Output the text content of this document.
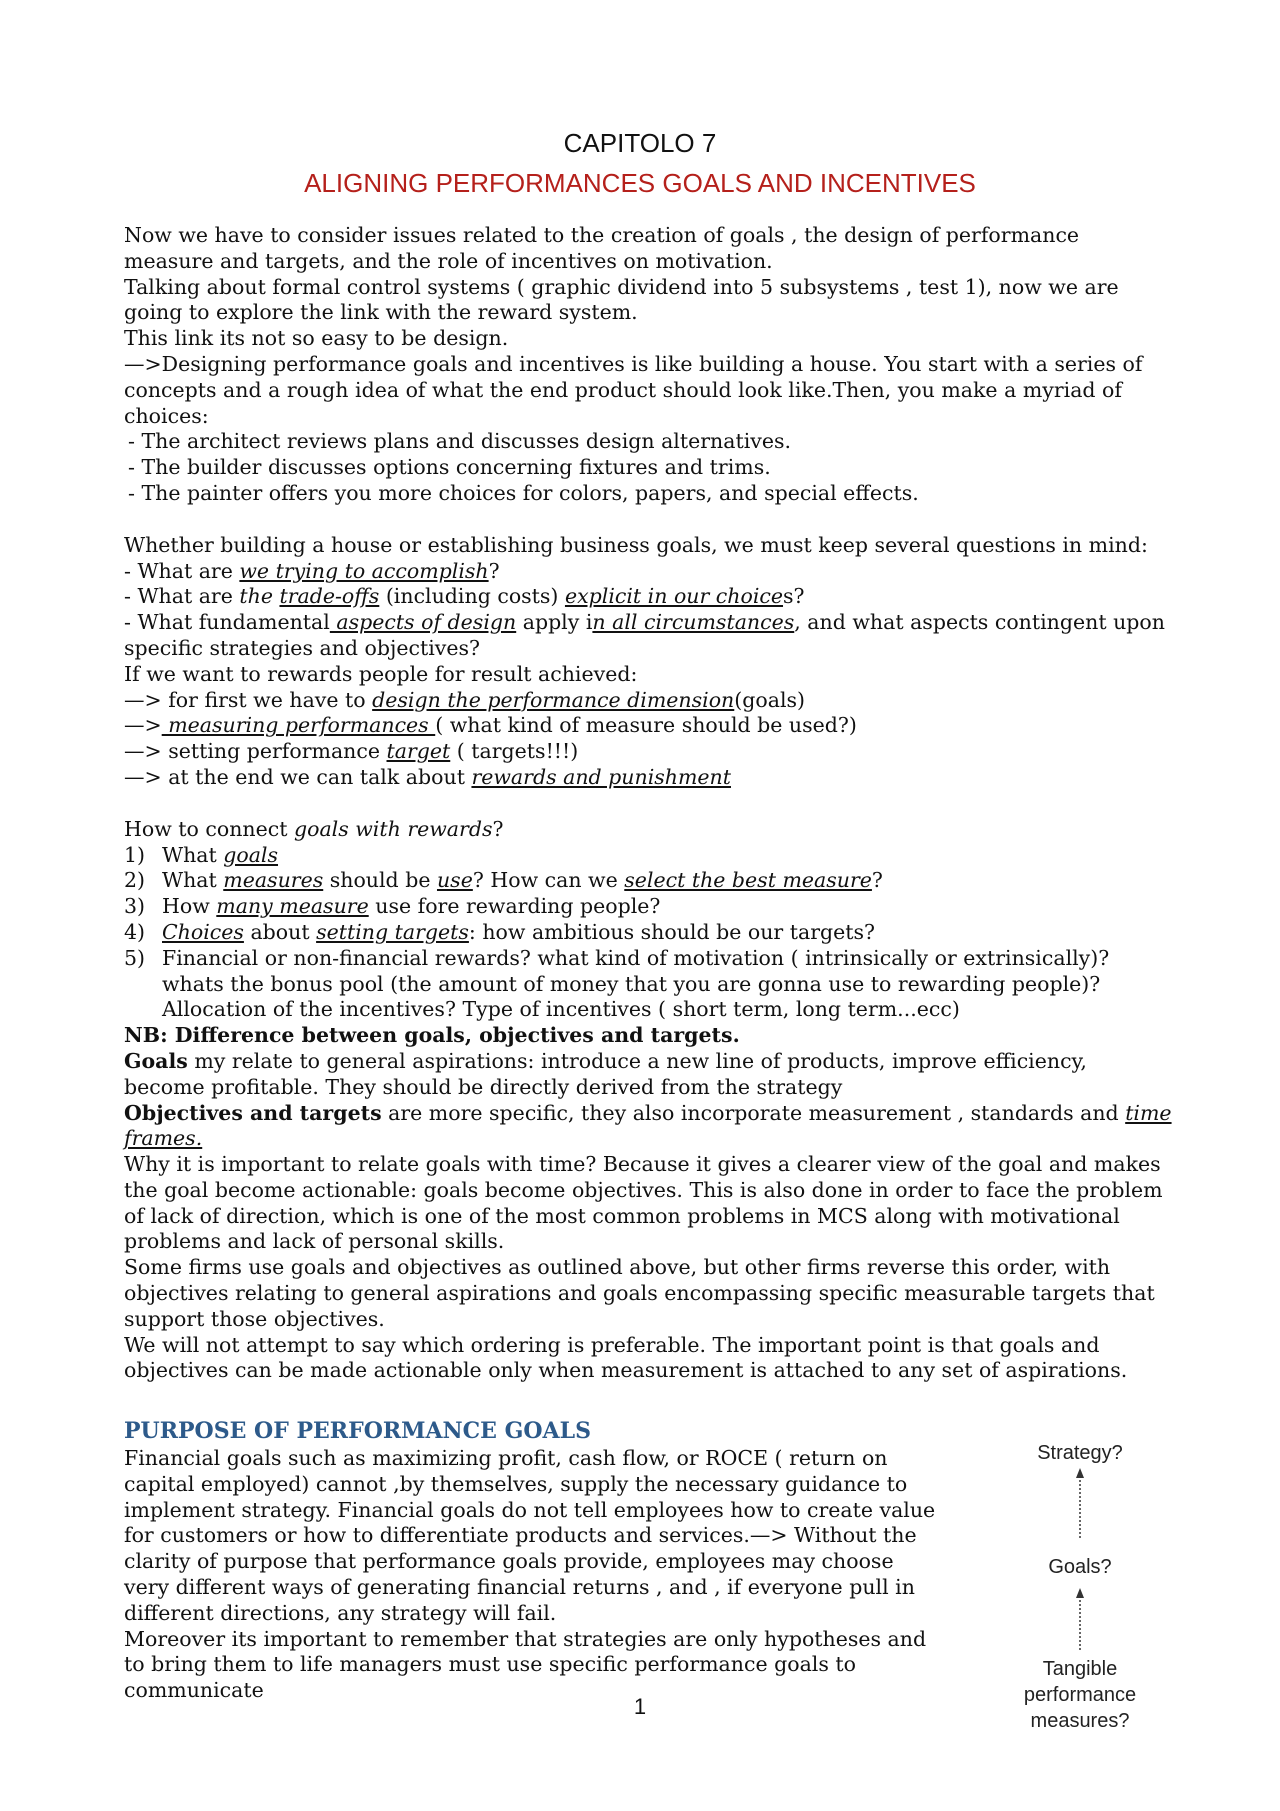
CAPITOLO 7
ALIGNING PERFORMANCES GOALS AND INCENTIVES

Now we have to consider issues related to the creation of goals , the design of performance measure and targets, and the role of incentives on motivation.

Talking about formal control systems ( graphic dividend into 5 subsystems , test 1), now we are going to explore the link with the reward system.

This link its not so easy to be design.

—>Designing performance goals and incentives is like building a house. You start with a series of concepts and a rough idea of what the end product should look like.Then, you make a myriad of choices:

- The architect reviews plans and discusses design alternatives.

- The builder discusses options concerning fixtures and trims.

- The painter offers you more choices for colors, papers, and special effects.

Whether building a house or establishing business goals, we must keep several questions in mind:

- What are we trying to accomplish?

- What are the trade-offs (including costs) explicit in our choices?

- What fundamental aspects of design apply in all circumstances, and what aspects contingent upon specific strategies and objectives?

If we want to rewards people for result achieved:

—> for first we have to design the performance dimension(goals)

—> measuring performances ( what kind of measure should be used?)

—> setting performance target ( targets!!!)

—> at the end we can talk about rewards and punishment

How to connect goals with rewards?

1) What goals
2) What measures should be use? How can we select the best measure?
3) How many measure use fore rewarding people?
4) Choices about setting targets: how ambitious should be our targets?
5) Financial or non-financial rewards? what kind of motivation ( intrinsically or extrinsically)? whats the bonus pool (the amount of money that you are gonna use to rewarding people)? Allocation of the incentives? Type of incentives ( short term, long term...ecc)

NB: Difference between goals, objectives and targets.

Goals my relate to general aspirations: introduce a new line of products, improve efficiency, become profitable. They should be directly derived from the strategy

Objectives and targets are more specific, they also incorporate measurement , standards and time frames.

Why it is important to relate goals with time? Because it gives a clearer view of the goal and makes the goal become actionable: goals become objectives. This is also done in order to face the problem of lack of direction, which is one of the most common problems in MCS along with motivational problems and lack of personal skills.

Some firms use goals and objectives as outlined above, but other firms reverse this order, with objectives relating to general aspirations and goals encompassing specific measurable targets that support those objectives.

We will not attempt to say which ordering is preferable. The important point is that goals and objectives can be made actionable only when measurement is attached to any set of aspirations.

PURPOSE OF PERFORMANCE GOALS

Financial goals such as maximizing profit, cash flow, or ROCE ( return on capital employed) cannot ,by themselves, supply the necessary guidance to implement strategy. Financial goals do not tell employees how to create value for customers or how to differentiate products and services.—> Without the clarity of purpose that performance goals provide, employees may choose very different ways of generating financial returns , and , if everyone pull in different directions, any strategy will fail.

Moreover its important to remember that strategies are only hypotheses and to bring them to life managers must use specific performance goals to communicate

Strategy?
Goals?
Tangible
performance
measures?
1
